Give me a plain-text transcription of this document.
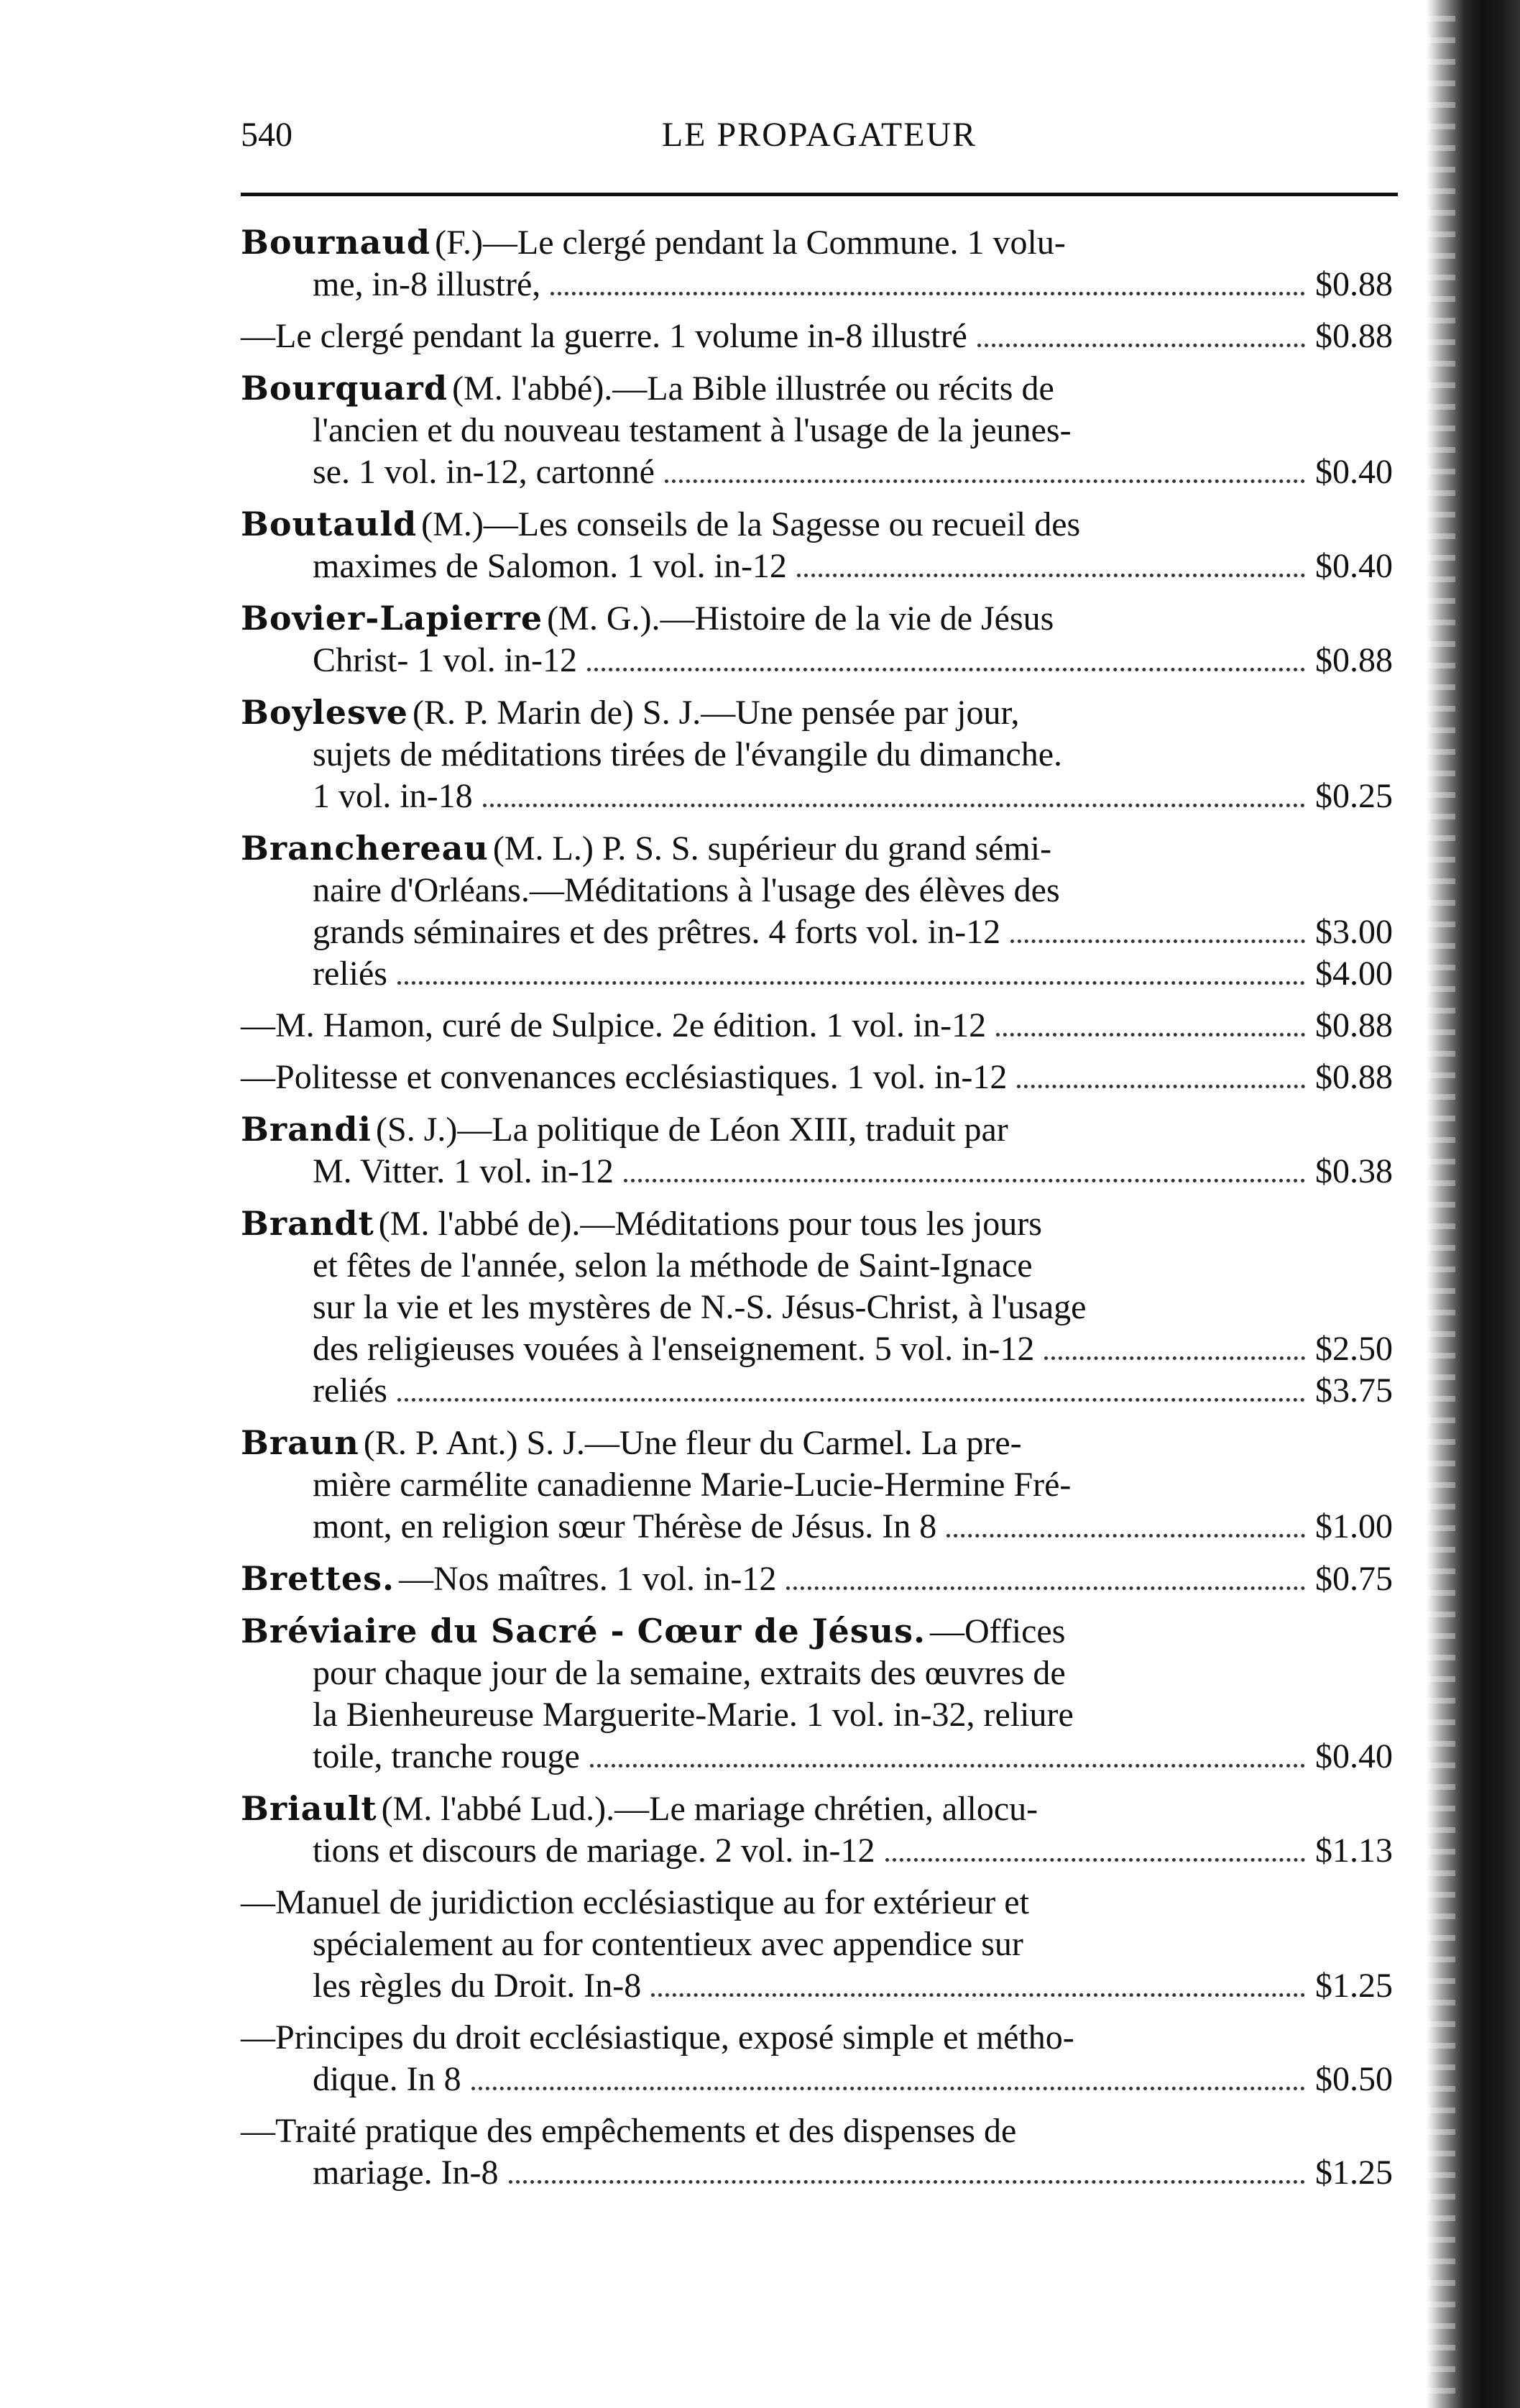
540	LE PROPAGATEUR
Bournaud (F.)—Le clergé pendant la Commune. 1 volu-
me, in-8 illustré,	$0.88
—Le clergé pendant la guerre. 1 volume in-8 illustré	$0.88
Bourquard (M. l'abbé).—La Bible illustrée ou récits de
l'ancien et du nouveau testament à l'usage de la jeunes-
se. 1 vol. in-12, cartonné	$0.40
Boutauld (M.)—Les conseils de la Sagesse ou recueil des
maximes de Salomon. 1 vol. in-12	$0.40
Bovier-Lapierre (M. G.).—Histoire de la vie de Jésus
Christ- 1 vol. in-12	$0.88
Boylesve (R. P. Marin de) S. J.—Une pensée par jour,
sujets de méditations tirées de l'évangile du dimanche.
1 vol. in-18	$0.25
Branchereau (M. L.) P. S. S. supérieur du grand sémi-
naire d'Orléans.—Méditations à l'usage des élèves des
grands séminaires et des prêtres. 4 forts vol. in-12	$3.00
reliés	$4.00
—M. Hamon, curé de Sulpice. 2e édition. 1 vol. in-12	$0.88
—Politesse et convenances ecclésiastiques. 1 vol. in-12	$0.88
Brandi (S. J.)—La politique de Léon XIII, traduit par
M. Vitter. 1 vol. in-12	$0.38
Brandt (M. l'abbé de).—Méditations pour tous les jours
et fêtes de l'année, selon la méthode de Saint-Ignace
sur la vie et les mystères de N.-S. Jésus-Christ, à l'usage
des religieuses vouées à l'enseignement. 5 vol. in-12	$2.50
reliés	$3.75
Braun (R. P. Ant.) S. J.—Une fleur du Carmel. La pre-
mière carmélite canadienne Marie-Lucie-Hermine Fré-
mont, en religion sœur Thérèse de Jésus. In 8	$1.00
Brettes. —Nos maîtres. 1 vol. in-12	$0.75
Bréviaire du Sacré - Cœur de Jésus. —Offices
pour chaque jour de la semaine, extraits des œuvres de
la Bienheureuse Marguerite-Marie. 1 vol. in-32, reliure
toile, tranche rouge	$0.40
Briault (M. l'abbé Lud.).—Le mariage chrétien, allocu-
tions et discours de mariage. 2 vol. in-12	$1.13
—Manuel de juridiction ecclésiastique au for extérieur et
spécialement au for contentieux avec appendice sur
les règles du Droit. In-8	$1.25
—Principes du droit ecclésiastique, exposé simple et métho-
dique. In 8	$0.50
—Traité pratique des empêchements et des dispenses de
mariage. In-8	$1.25
